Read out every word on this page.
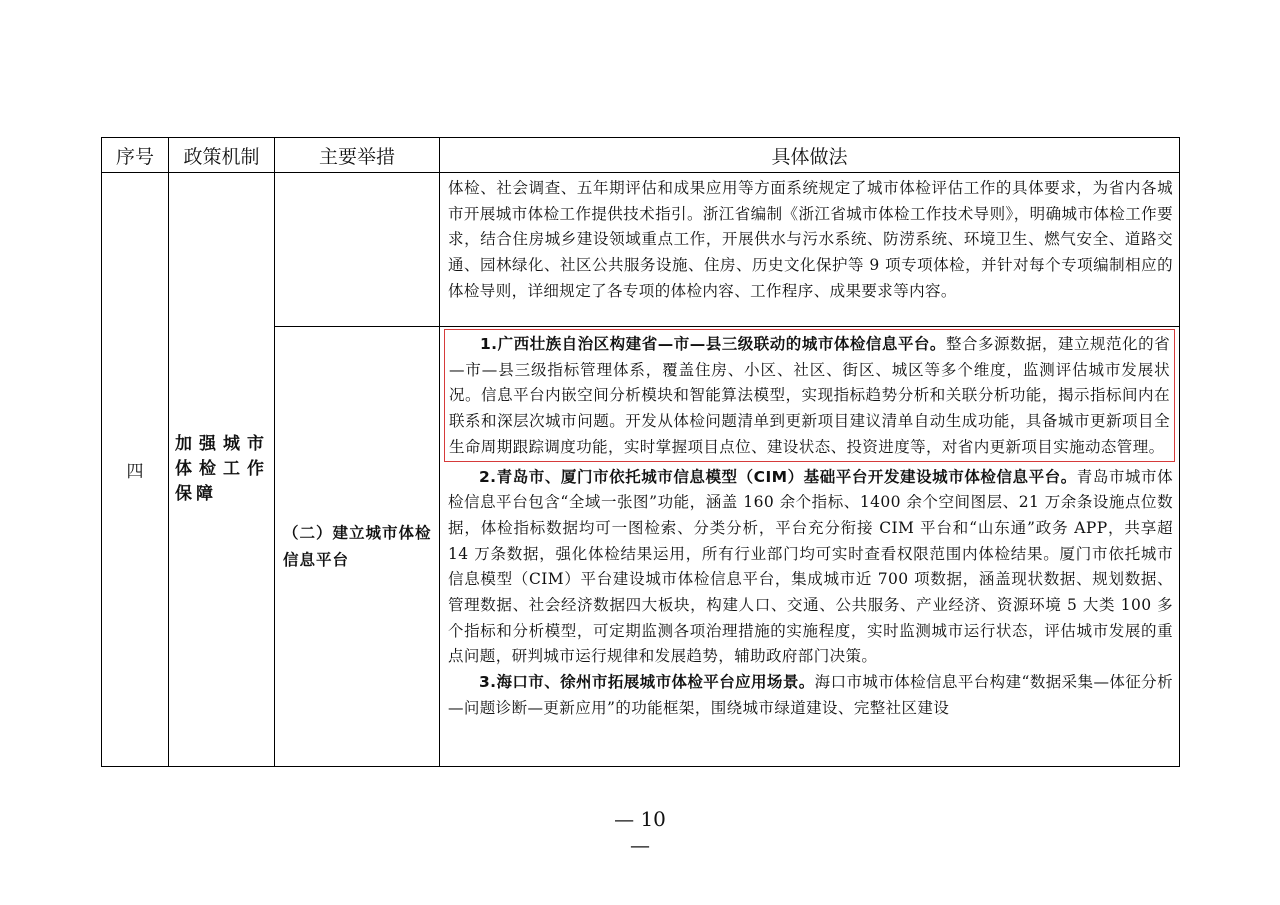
序号	政策机制	主要举措	具体做法
四	加强城市体检工作保障		体检、社会调查、五年期评估和成果应用等方面系统规定了城市体检评估工作的具体要求，为省内各城市开展城市体检工作提供技术指引。浙江省编制《浙江省城市体检工作技术导则》，明确城市体检工作要求，结合住房城乡建设领域重点工作，开展供水与污水系统、防涝系统、环境卫生、燃气安全、道路交通、园林绿化、社区公共服务设施、住房、历史文化保护等 9 项专项体检，并针对每个专项编制相应的体检导则，详细规定了各专项的体检内容、工作程序、成果要求等内容。

		（二）建立城市体检信息平台	1.广西壮族自治区构建省—市—县三级联动的城市体检信息平台。整合多源数据，建立规范化的省—市—县三级指标管理体系，覆盖住房、小区、社区、街区、城区等多个维度，监测评估城市发展状况。信息平台内嵌空间分析模块和智能算法模型，实现指标趋势分析和关联分析功能，揭示指标间内在联系和深层次城市问题。开发从体检问题清单到更新项目建议清单自动生成功能，具备城市更新项目全生命周期跟踪调度功能，实时掌握项目点位、建设状态、投资进度等，对省内更新项目实施动态管理。

2.青岛市、厦门市依托城市信息模型（CIM）基础平台开发建设城市体检信息平台。青岛市城市体检信息平台包含“全域一张图”功能，涵盖 160 余个指标、1400 余个空间图层、21 万余条设施点位数据，体检指标数据均可一图检索、分类分析，平台充分衔接 CIM 平台和“山东通”政务 APP，共享超 14 万条数据，强化体检结果运用，所有行业部门均可实时查看权限范围内体检结果。厦门市依托城市信息模型（CIM）平台建设城市体检信息平台，集成城市近 700 项数据，涵盖现状数据、规划数据、管理数据、社会经济数据四大板块，构建人口、交通、公共服务、产业经济、资源环境 5 大类 100 多个指标和分析模型，可定期监测各项治理措施的实施程度，实时监测城市运行状态，评估城市发展的重点问题，研判城市运行规律和发展趋势，辅助政府部门决策。

3.海口市、徐州市拓展城市体检平台应用场景。海口市城市体检信息平台构建“数据采集—体征分析—问题诊断—更新应用”的功能框架，围绕城市绿道建设、完整社区建设

— 10
—
